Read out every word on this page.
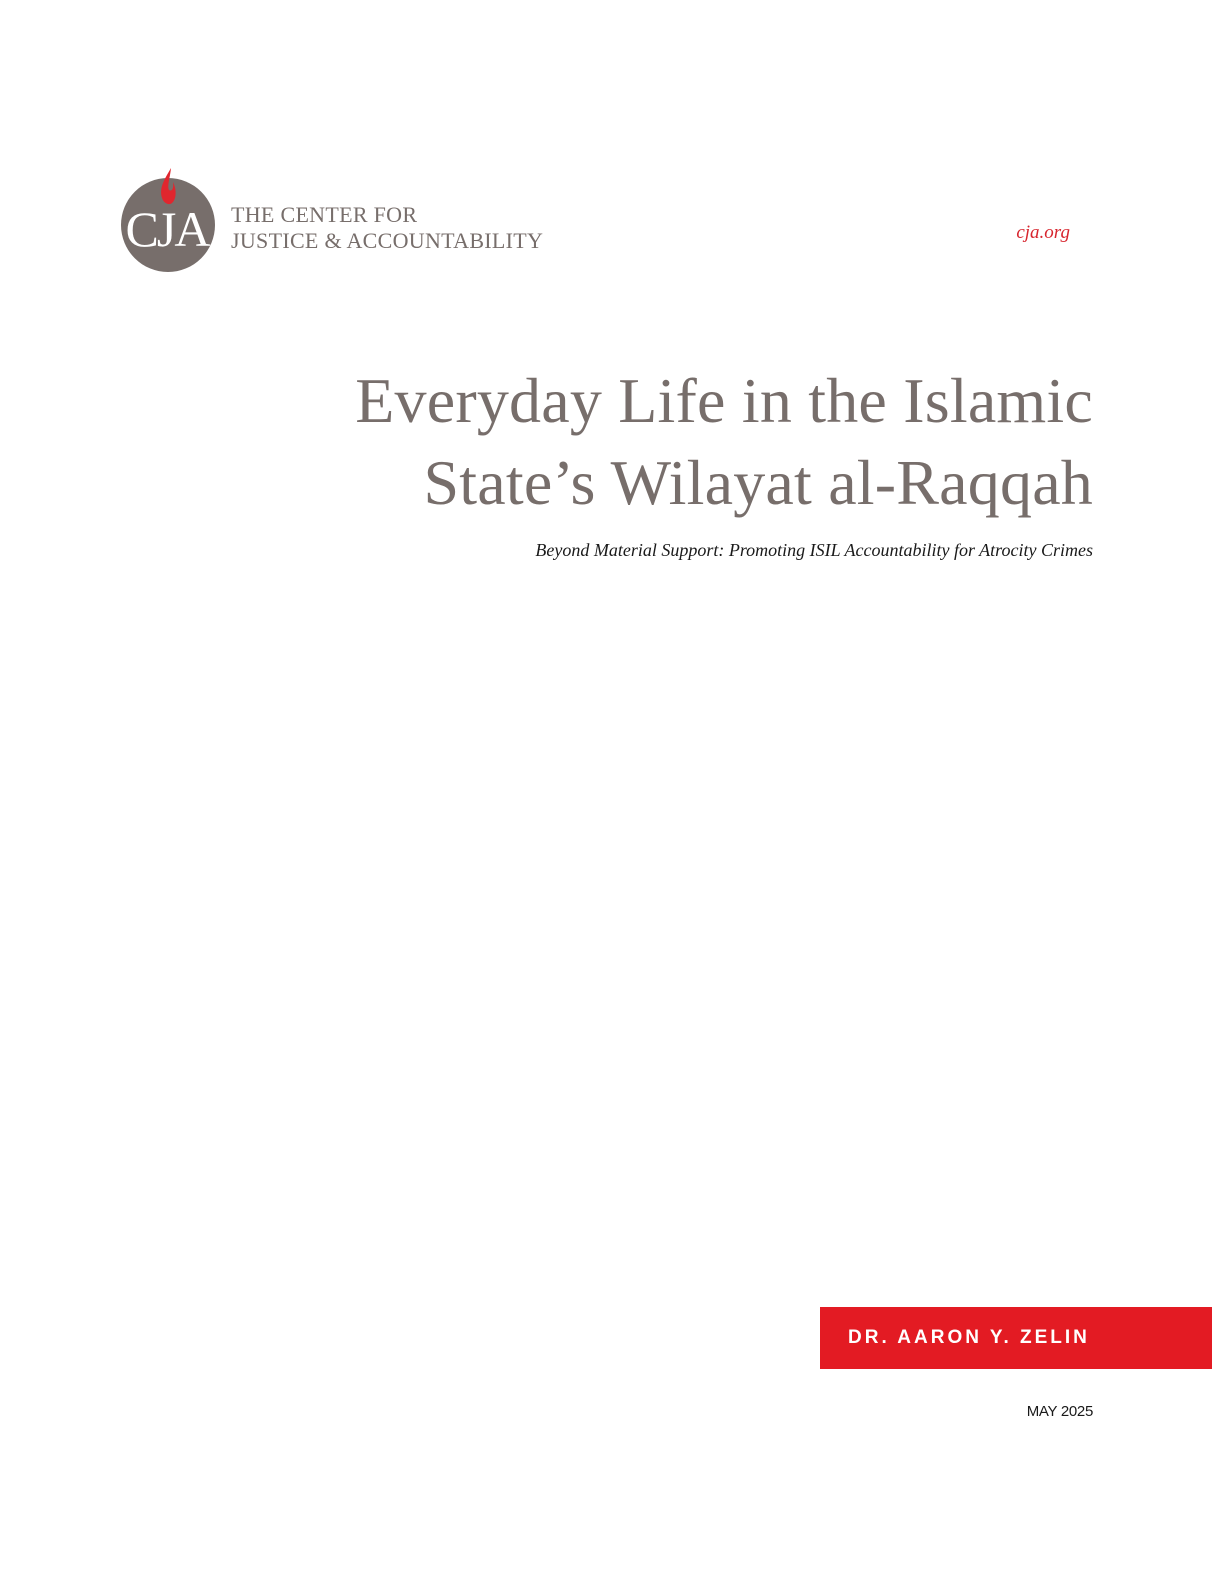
CJA THE CENTER FOR
JUSTICE & ACCOUNTABILITY	cja.org
Everyday Life in the Islamic
State’s Wilayat al-Raqqah
Beyond Material Support: Promoting ISIL Accountability for Atrocity Crimes
DR. AARON Y. ZELIN
MAY 2025
